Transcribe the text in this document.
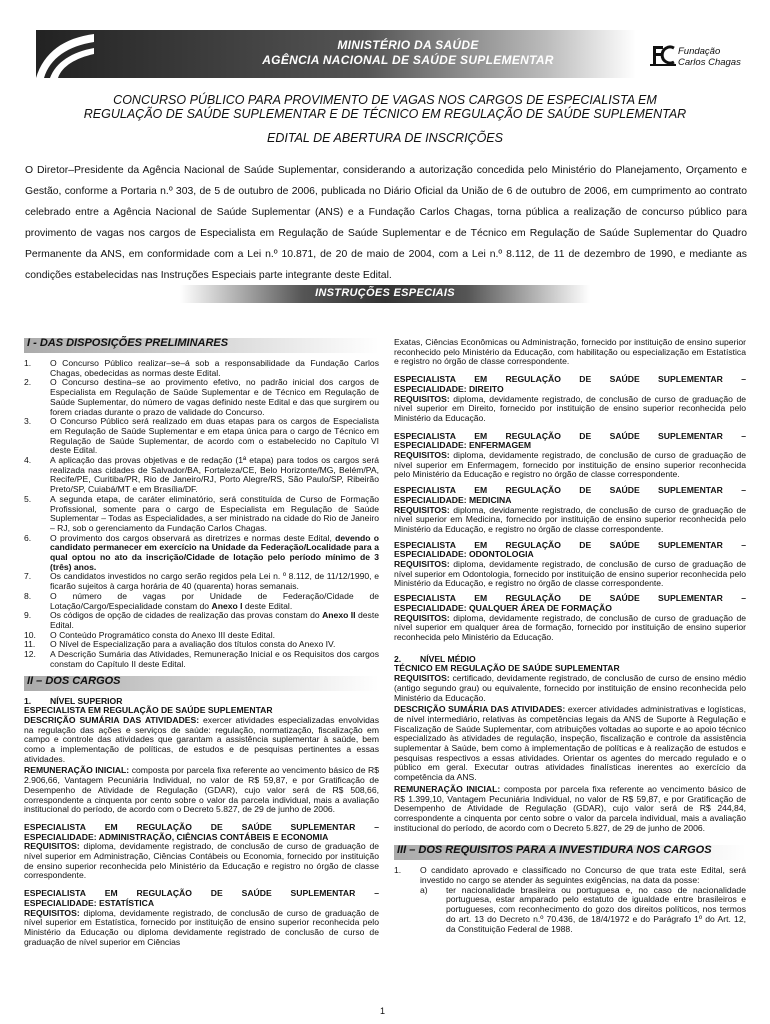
MINISTÉRIO DA SAÚDE
AGÊNCIA NACIONAL DE SAÚDE SUPLEMENTAR
Fundação
Carlos Chagas
CONCURSO PÚBLICO PARA PROVIMENTO DE VAGAS NOS CARGOS DE ESPECIALISTA EM
REGULAÇÃO DE SAÚDE SUPLEMENTAR E DE TÉCNICO EM REGULAÇÃO DE SAÚDE SUPLEMENTAR
EDITAL DE ABERTURA DE INSCRIÇÕES
O Diretor–Presidente da Agência Nacional de Saúde Suplementar, considerando a autorização concedida pelo Ministério do Planejamento, Orçamento e Gestão, conforme a Portaria n.º 303, de 5 de outubro de 2006, publicada no Diário Oficial da União de 6 de outubro de 2006, em cumprimento ao contrato celebrado entre a Agência Nacional de Saúde Suplementar (ANS) e a Fundação Carlos Chagas, torna pública a realização de concurso público para provimento de vagas nos cargos de Especialista em Regulação de Saúde Suplementar e de Técnico em Regulação de Saúde Suplementar do Quadro Permanente da ANS, em conformidade com a Lei n.º 10.871, de 20 de maio de 2004, com a Lei n.º 8.112, de 11 de dezembro de 1990, e mediante as condições estabelecidas nas Instruções Especiais parte integrante deste Edital.
INSTRUÇÕES ESPECIAIS
I - DAS DISPOSIÇÕES PRELIMINARES
1.	O Concurso Público realizar–se–á sob a responsabilidade da Fundação Carlos Chagas, obedecidas as normas deste Edital.
2.	O Concurso destina–se ao provimento efetivo, no padrão inicial dos cargos de Especialista em Regulação de Saúde Suplementar e de Técnico em Regulação de Saúde Suplementar, do número de vagas definido neste Edital e das que surgirem ou forem criadas durante o prazo de validade do Concurso.
3.	O Concurso Público será realizado em duas etapas para os cargos de Especialista em Regulação de Saúde Suplementar e em etapa única para o cargo de Técnico em Regulação de Saúde Suplementar, de acordo com o estabelecido no Capítulo VI deste Edital.
4.	A aplicação das provas objetivas e de redação (1ª etapa) para todos os cargos será realizada nas cidades de Salvador/BA, Fortaleza/CE, Belo Horizonte/MG, Belém/PA, Recife/PE, Curitiba/PR, Rio de Janeiro/RJ, Porto Alegre/RS, São Paulo/SP, Ribeirão Preto/SP, Cuiabá/MT e em Brasília/DF.
5.	A segunda etapa, de caráter eliminatório, será constituída de Curso de Formação Profissional, somente para o cargo de Especialista em Regulação de Saúde Suplementar – Todas as Especialidades, a ser ministrado na cidade do Rio de Janeiro – RJ, sob o gerenciamento da Fundação Carlos Chagas.
6.	O provimento dos cargos observará as diretrizes e normas deste Edital, devendo o candidato permanecer em exercício na Unidade da Federação/Localidade para a qual optou no ato da inscrição/Cidade de lotação pelo período mínimo de 3 (três) anos.
7.	Os candidatos investidos no cargo serão regidos pela Lei n. º 8.112, de 11/12/1990, e ficarão sujeitos à carga horária de 40 (quarenta) horas semanais.
8.	O número de vagas por Unidade de Federação/Cidade de Lotação/Cargo/Especialidade constam do Anexo I deste Edital.
9.	Os códigos de opção de cidades de realização das provas constam do Anexo II deste Edital.
10.	O Conteúdo Programático consta do Anexo III deste Edital.
11.	O Nível de Especialização para a avaliação dos títulos consta do Anexo IV.
12.	A Descrição Sumária das Atividades, Remuneração Inicial e os Requisitos dos cargos constam do Capítulo II deste Edital.
II – DOS CARGOS
1.	NÍVEL SUPERIOR
ESPECIALISTA EM REGULAÇÃO DE SAÚDE SUPLEMENTAR
DESCRIÇÃO SUMÁRIA DAS ATIVIDADES: exercer atividades especializadas envolvidas na regulação das ações e serviços de saúde: regulação, normatização, fiscalização em campo e controle das atividades que garantam a assistência suplementar à saúde, bem como a implementação de políticas, de estudos e de pesquisas pertinentes a essas atividades.
REMUNERAÇÃO INICIAL: composta por parcela fixa referente ao vencimento básico de R$ 2.906,66, Vantagem Pecuniária Individual, no valor de R$ 59,87, e por Gratificação de Desempenho de Atividade de Regulação (GDAR), cujo valor será de R$ 508,66, correspondente a cinquenta por cento sobre o valor da parcela individual, mais a avaliação institucional do período, de acordo com o Decreto 5.827, de 29 de junho de 2006.
ESPECIALISTA EM REGULAÇÃO DE SAÚDE SUPLEMENTAR –
ESPECIALIDADE: ADMINISTRAÇÃO, CIÊNCIAS CONTÁBEIS E ECONOMIA
REQUISITOS: diploma, devidamente registrado, de conclusão de curso de graduação de nível superior em Administração, Ciências Contábeis ou Economia, fornecido por instituição de ensino superior reconhecida pelo Ministério da Educação e registro no órgão de classe correspondente.
ESPECIALISTA EM REGULAÇÃO DE SAÚDE SUPLEMENTAR –
ESPECIALIDADE: ESTATÍSTICA
REQUISITOS: diploma, devidamente registrado, de conclusão de curso de graduação de nível superior em Estatística, fornecido por instituição de ensino superior reconhecida pelo Ministério da Educação ou diploma devidamente registrado de conclusão de curso de graduação de nível superior em Ciências
Exatas, Ciências Econômicas ou Administração, fornecido por instituição de ensino superior reconhecido pelo Ministério da Educação, com habilitação ou especialização em Estatística e registro no órgão de classe correspondente.
ESPECIALISTA EM REGULAÇÃO DE SAÚDE SUPLEMENTAR –
ESPECIALIDADE: DIREITO
REQUISITOS: diploma, devidamente registrado, de conclusão de curso de graduação de nível superior em Direito, fornecido por instituição de ensino superior reconhecida pelo Ministério da Educação.
ESPECIALISTA EM REGULAÇÃO DE SAÚDE SUPLEMENTAR –
ESPECIALIDADE: ENFERMAGEM
REQUISITOS: diploma, devidamente registrado, de conclusão de curso de graduação de nível superior em Enfermagem, fornecido por instituição de ensino superior reconhecida pelo Ministério da Educação e registro no órgão de classe correspondente.
ESPECIALISTA EM REGULAÇÃO DE SAÚDE SUPLEMENTAR –
ESPECIALIDADE: MEDICINA
REQUISITOS: diploma, devidamente registrado, de conclusão de curso de graduação de nível superior em Medicina, fornecido por instituição de ensino superior reconhecida pelo Ministério da Educação, e registro no órgão de classe correspondente.
ESPECIALISTA EM REGULAÇÃO DE SAÚDE SUPLEMENTAR –
ESPECIALIDADE: ODONTOLOGIA
REQUISITOS: diploma, devidamente registrado, de conclusão de curso de graduação de nível superior em Odontologia, fornecido por instituição de ensino superior reconhecida pelo Ministério da Educação, e registro no órgão de classe correspondente.
ESPECIALISTA EM REGULAÇÃO DE SAÚDE SUPLEMENTAR –
ESPECIALIDADE: QUALQUER ÁREA DE FORMAÇÃO
REQUISITOS: diploma, devidamente registrado, de conclusão de curso de graduação de nível superior em qualquer área de formação, fornecido por instituição de ensino superior reconhecida pelo Ministério da Educação.
2.	NÍVEL MÉDIO
TÉCNICO EM REGULAÇÃO DE SAÚDE SUPLEMENTAR
REQUISITOS: certificado, devidamente registrado, de conclusão de curso de ensino médio (antigo segundo grau) ou equivalente, fornecido por instituição de ensino reconhecida pelo Ministério da Educação.
DESCRIÇÃO SUMÁRIA DAS ATIVIDADES: exercer atividades administrativas e logísticas, de nível intermediário, relativas às competências legais da ANS de Suporte à Regulação e Fiscalização de Saúde Suplementar, com atribuições voltadas ao suporte e ao apoio técnico especializado às atividades de regulação, inspeção, fiscalização e controle da assistência suplementar à Saúde, bem como à implementação de políticas e à realização de estudos e pesquisas respectivos a essas atividades. Orientar os agentes do mercado regulado e o público em geral. Executar outras atividades finalísticas inerentes ao exercício da competência da ANS.
REMUNERAÇÃO INICIAL: composta por parcela fixa referente ao vencimento básico de R$ 1.399,10, Vantagem Pecuniária Individual, no valor de R$ 59,87, e por Gratificação de Desempenho de Atividade de Regulação (GDAR), cujo valor será de R$ 244,84, correspondente a cinquenta por cento sobre o valor da parcela individual, mais a avaliação institucional do período, de acordo com o Decreto 5.827, de 29 de junho de 2006.
III – DOS REQUISITOS PARA A INVESTIDURA NOS CARGOS
1.	O candidato aprovado e classificado no Concurso de que trata este Edital, será investido no cargo se atender às seguintes exigências, na data da posse:
a)	ter nacionalidade brasileira ou portuguesa e, no caso de nacionalidade portuguesa, estar amparado pelo estatuto de igualdade entre brasileiros e portugueses, com reconhecimento do gozo dos direitos políticos, nos termos do art. 13 do Decreto n.º 70.436, de 18/4/1972 e do Parágrafo 1º do Art. 12, da Constituição Federal de 1988.
1
